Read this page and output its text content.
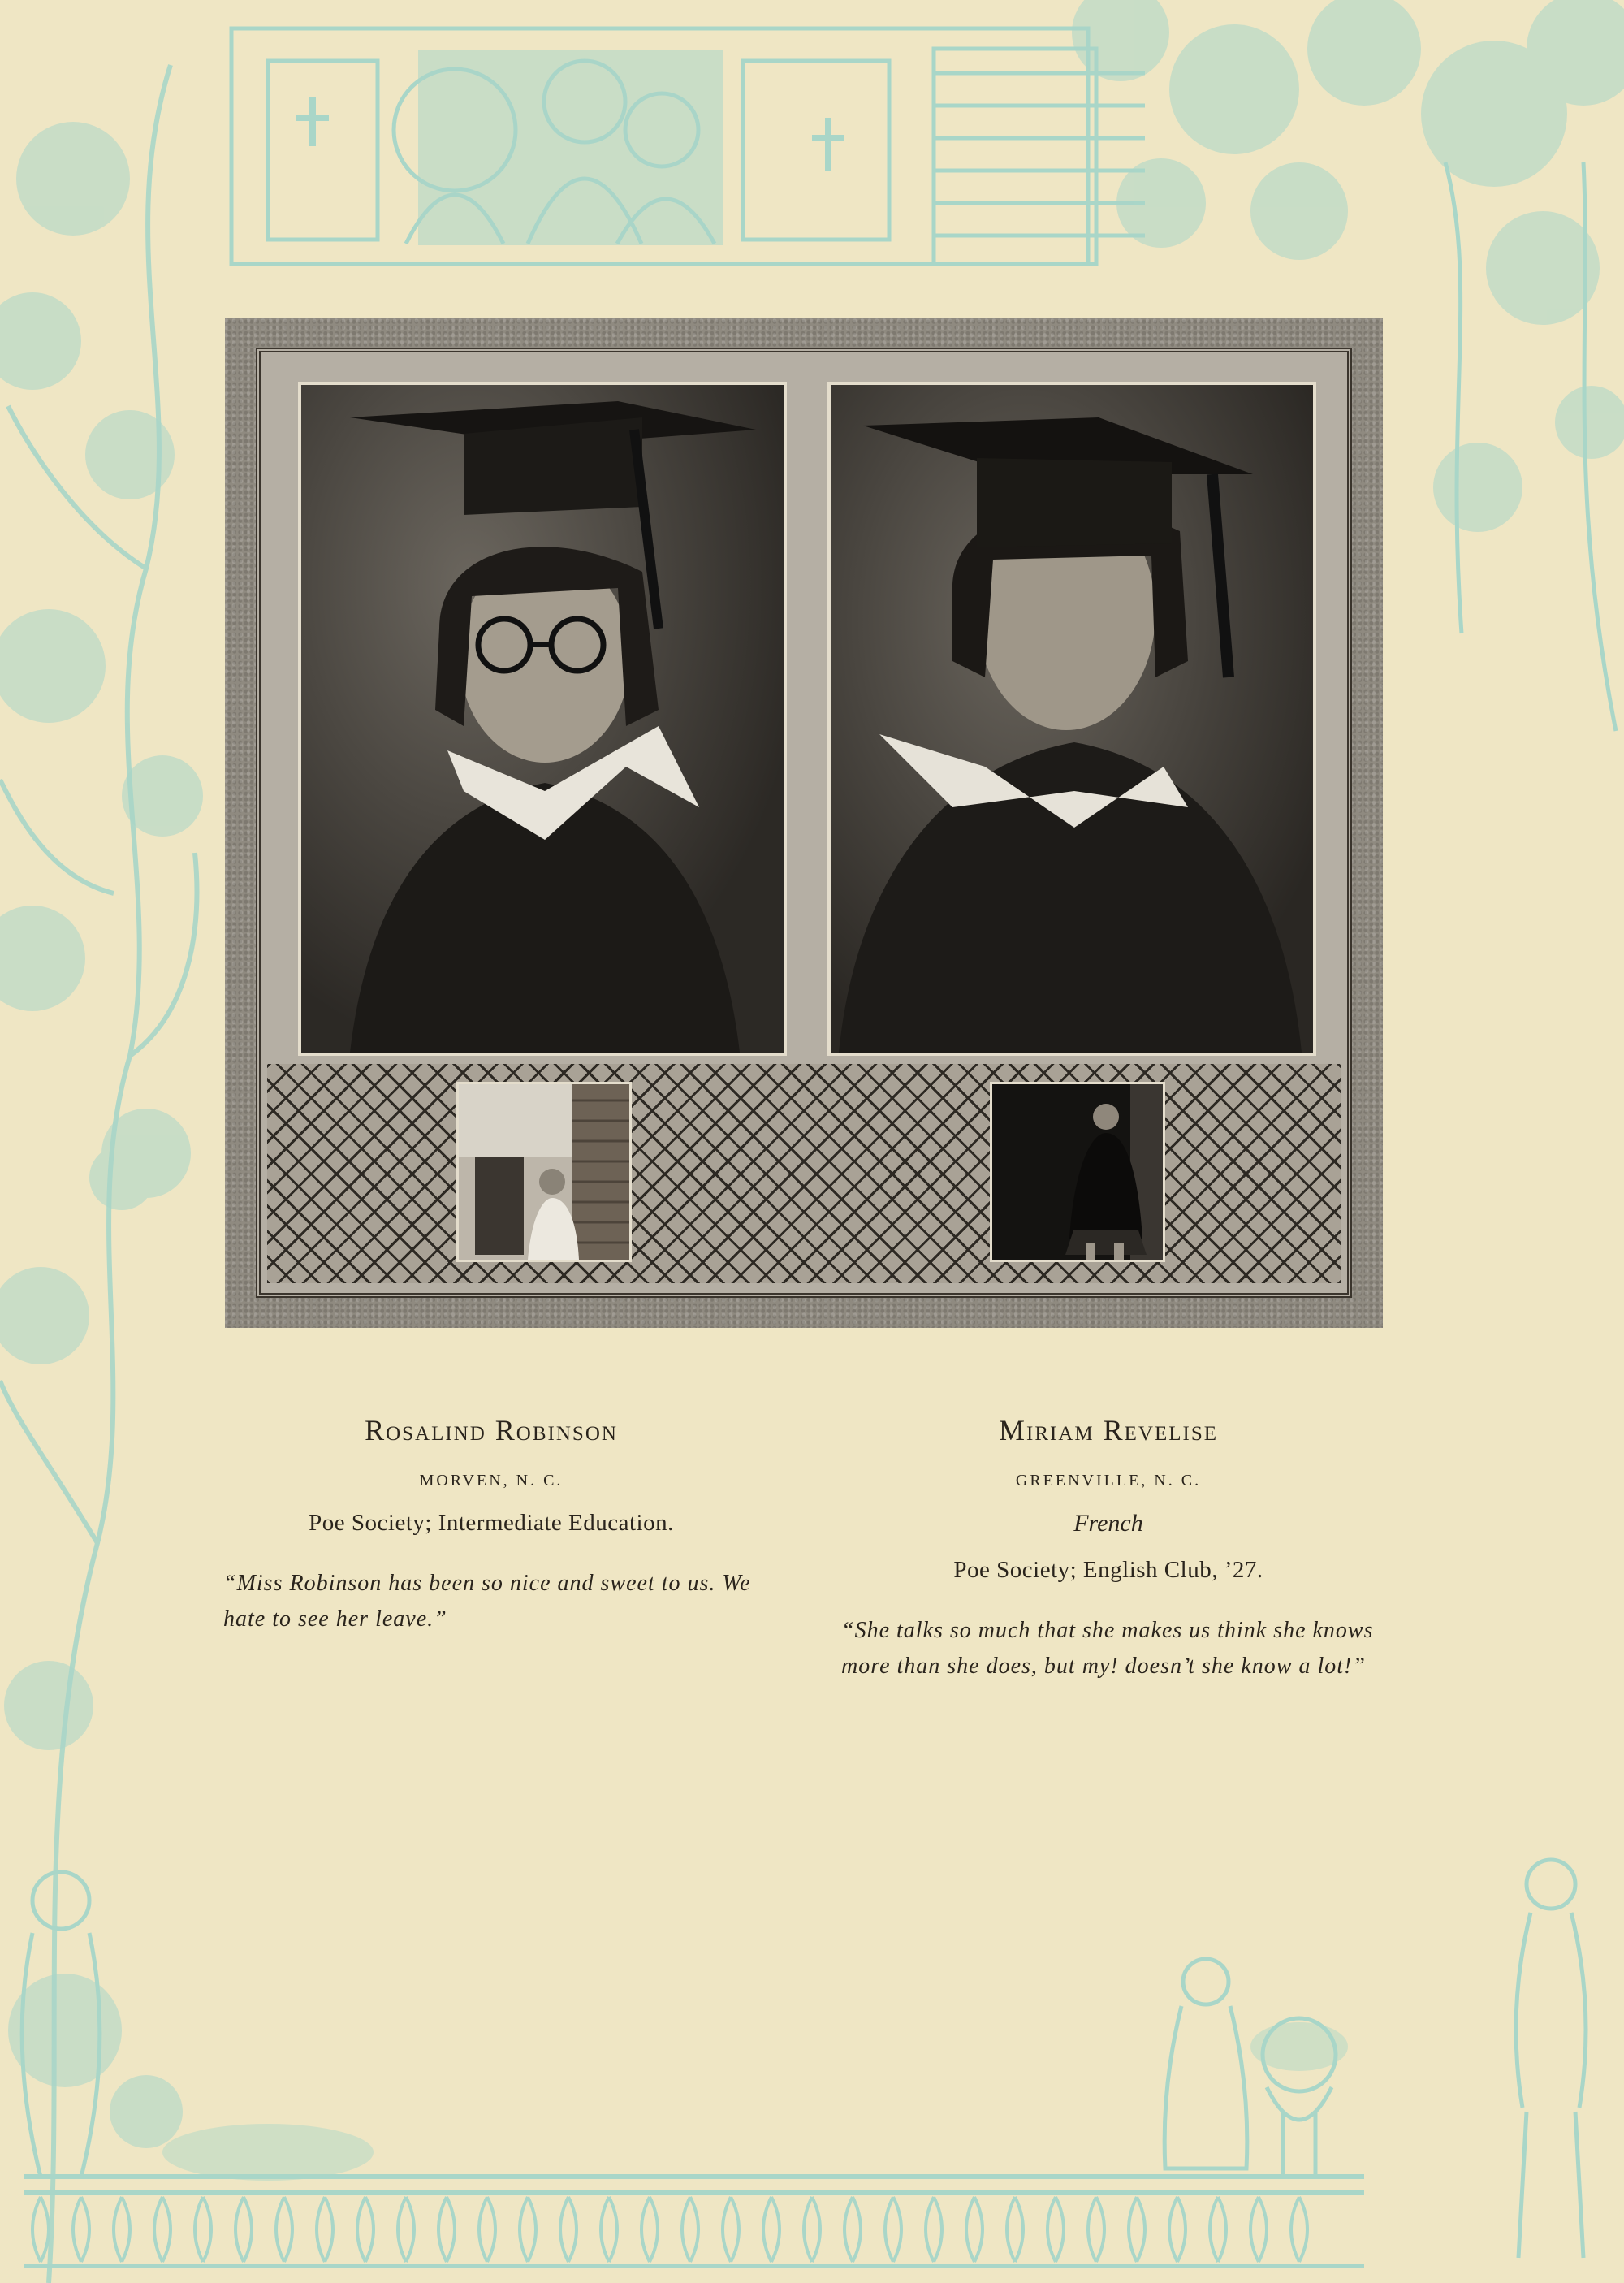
Rosalind Robinson

MORVEN, N. C.

Poe Society; Intermediate Education.

“Miss Robinson has been so nice and sweet to us. We hate to see her leave.”

Miriam Revelise

GREENVILLE, N. C.

French

Poe Society; English Club, ’27.

“She talks so much that she makes us think she knows more than she does, but my! doesn’t she know a lot!”
